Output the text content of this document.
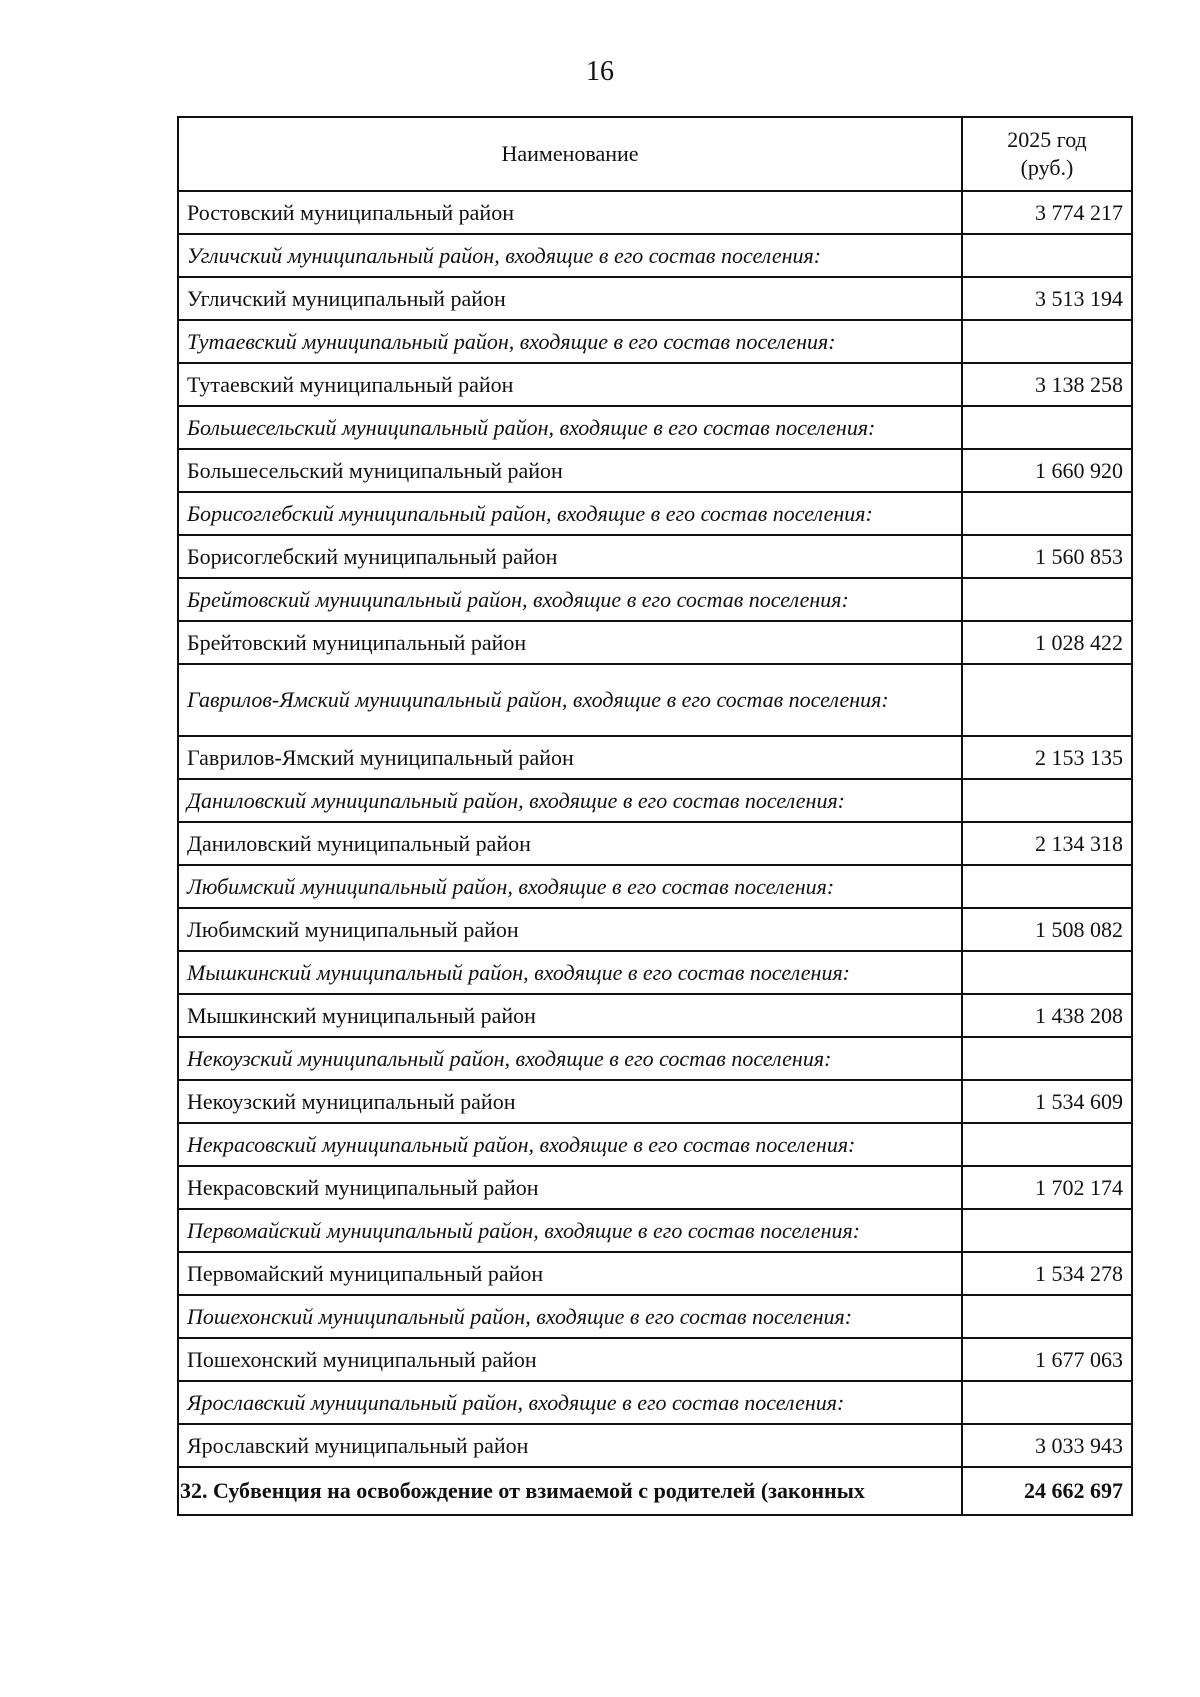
16
Наименование	2025 год
(руб.)
Ростовский муниципальный район	3 774 217
Угличский муниципальный район, входящие в его состав поселения:	
Угличский муниципальный район	3 513 194
Тутаевский муниципальный район, входящие в его состав поселения:	
Тутаевский муниципальный район	3 138 258
Большесельский муниципальный район, входящие в его состав поселения:	
Большесельский муниципальный район	1 660 920
Борисоглебский муниципальный район, входящие в его состав поселения:	
Борисоглебский муниципальный район	1 560 853
Брейтовский муниципальный район, входящие в его состав поселения:	
Брейтовский муниципальный район	1 028 422
Гаврилов-Ямский муниципальный район, входящие в его состав поселения:	
Гаврилов-Ямский муниципальный район	2 153 135
Даниловский муниципальный район, входящие в его состав поселения:	
Даниловский муниципальный район	2 134 318
Любимский муниципальный район, входящие в его состав поселения:	
Любимский муниципальный район	1 508 082
Мышкинский муниципальный район, входящие в его состав поселения:	
Мышкинский муниципальный район	1 438 208
Некоузский муниципальный район, входящие в его состав поселения:	
Некоузский муниципальный район	1 534 609
Некрасовский муниципальный район, входящие в его состав поселения:	
Некрасовский муниципальный район	1 702 174
Первомайский муниципальный район, входящие в его состав поселения:	
Первомайский муниципальный район	1 534 278
Пошехонский муниципальный район, входящие в его состав поселения:	
Пошехонский муниципальный район	1 677 063
Ярославский муниципальный район, входящие в его состав поселения:	
Ярославский муниципальный район	3 033 943
32. Субвенция на освобождение от взимаемой с родителей (законных	24 662 697
